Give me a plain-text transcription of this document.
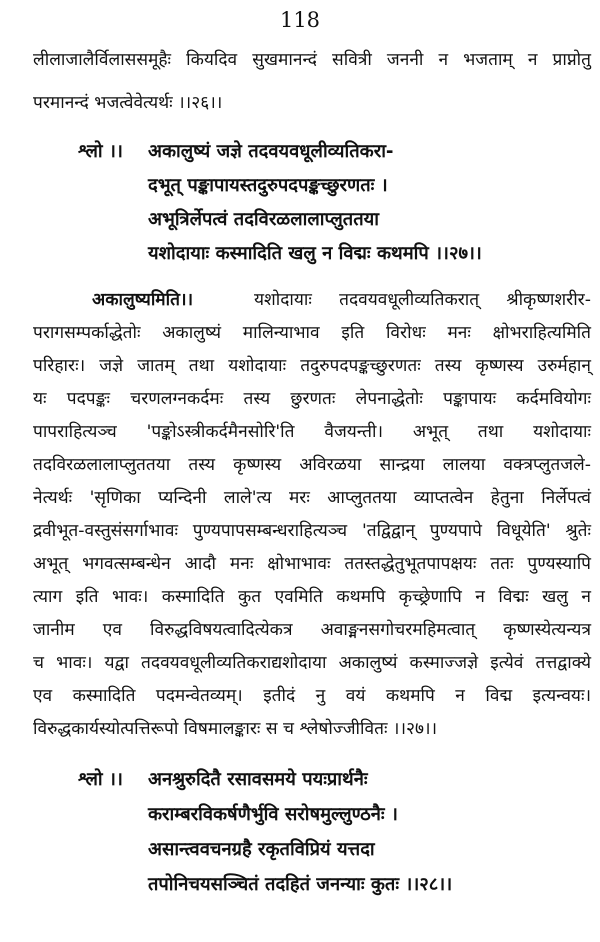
118
लीलाजालैर्विलाससमूहैः कियदिव सुखमानन्दं सवित्री जननी न भजताम् न प्राप्नोतु
परमानन्दं भजत्वेवेत्यर्थः ।।२६।।
श्लो ।। अकालुष्यं जज्ञे तदवयवधूलीव्यतिकरा-
दभूत् पङ्कापायस्तदुरुपदपङ्कच्छुरणतः ।
अभूत्रिर्लेपत्वं तदविरळलालाप्लुततया
यशोदायाः कस्मादिति खलु न विद्मः कथमपि ।।२७।।
अकालुष्यमिति।।	यशोदायाः तदवयवधूलीव्यतिकरात् श्रीकृष्णशरीर-
परागसम्पर्काद्धेतोः अकालुष्यं मालिन्याभाव इति विरोधः मनः क्षोभराहित्यमिति
परिहारः। जज्ञे जातम् तथा यशोदायाः तदुरुपदपङ्कच्छुरणतः तस्य कृष्णस्य उरुर्महान्
यः पदपङ्कः चरणलग्नकर्दमः तस्य छुरणतः लेपनाद्धेतोः पङ्कापायः कर्दमवियोगः
पापराहित्यञ्च 'पङ्कोऽस्त्रीकर्दमैनसोरि'ति वैजयन्ती। अभूत् तथा यशोदायाः
तदविरळलालाप्लुततया तस्य कृष्णस्य अविरळया सान्द्रया लालया वक्त्रप्लुतजले-
नेत्यर्थः 'सृणिका प्यन्दिनी लाले'त्य मरः आप्लुततया व्याप्तत्वेन हेतुना निर्लेपत्वं
द्रवीभूत-वस्तुसंसर्गाभावः पुण्यपापसम्बन्धराहित्यञ्च 'तद्विद्वान् पुण्यपापे विधूयेति' श्रुतेः
अभूत् भगवत्सम्बन्धेन आदौ मनः क्षोभाभावः ततस्तद्धेतुभूतपापक्षयः ततः पुण्यस्यापि
त्याग इति भावः। कस्मादिति कुत एवमिति कथमपि कृच्छ्रेणापि न विद्मः खलु न
जानीम एव विरुद्धविषयत्वादित्येकत्र अवाङ्मनसगोचरमहिमत्वात् कृष्णस्येत्यन्यत्र
च भावः। यद्वा तदवयवधूलीव्यतिकराद्यशोदाया अकालुष्यं कस्माज्जज्ञे इत्येवं तत्तद्वाक्ये
एव कस्मादिति पदमन्वेतव्यम्। इतीदं नु वयं कथमपि न विद्म इत्यन्वयः।
विरुद्धकार्यस्योत्पत्तिरूपो विषमालङ्कारः स च श्लेषोज्जीवितः ।।२७।।
श्लो ।। अनश्रुरुदितै रसावसमये पयःप्रार्थनैः
कराम्बरविकर्षणैर्भुवि सरोषमुल्लुण्ठनैः ।
असान्त्ववचनग्रहै रकृतविप्रियं यत्तदा
तपोनिचयसञ्चितं तदहितं जनन्याः कुतः ।।२८।।
